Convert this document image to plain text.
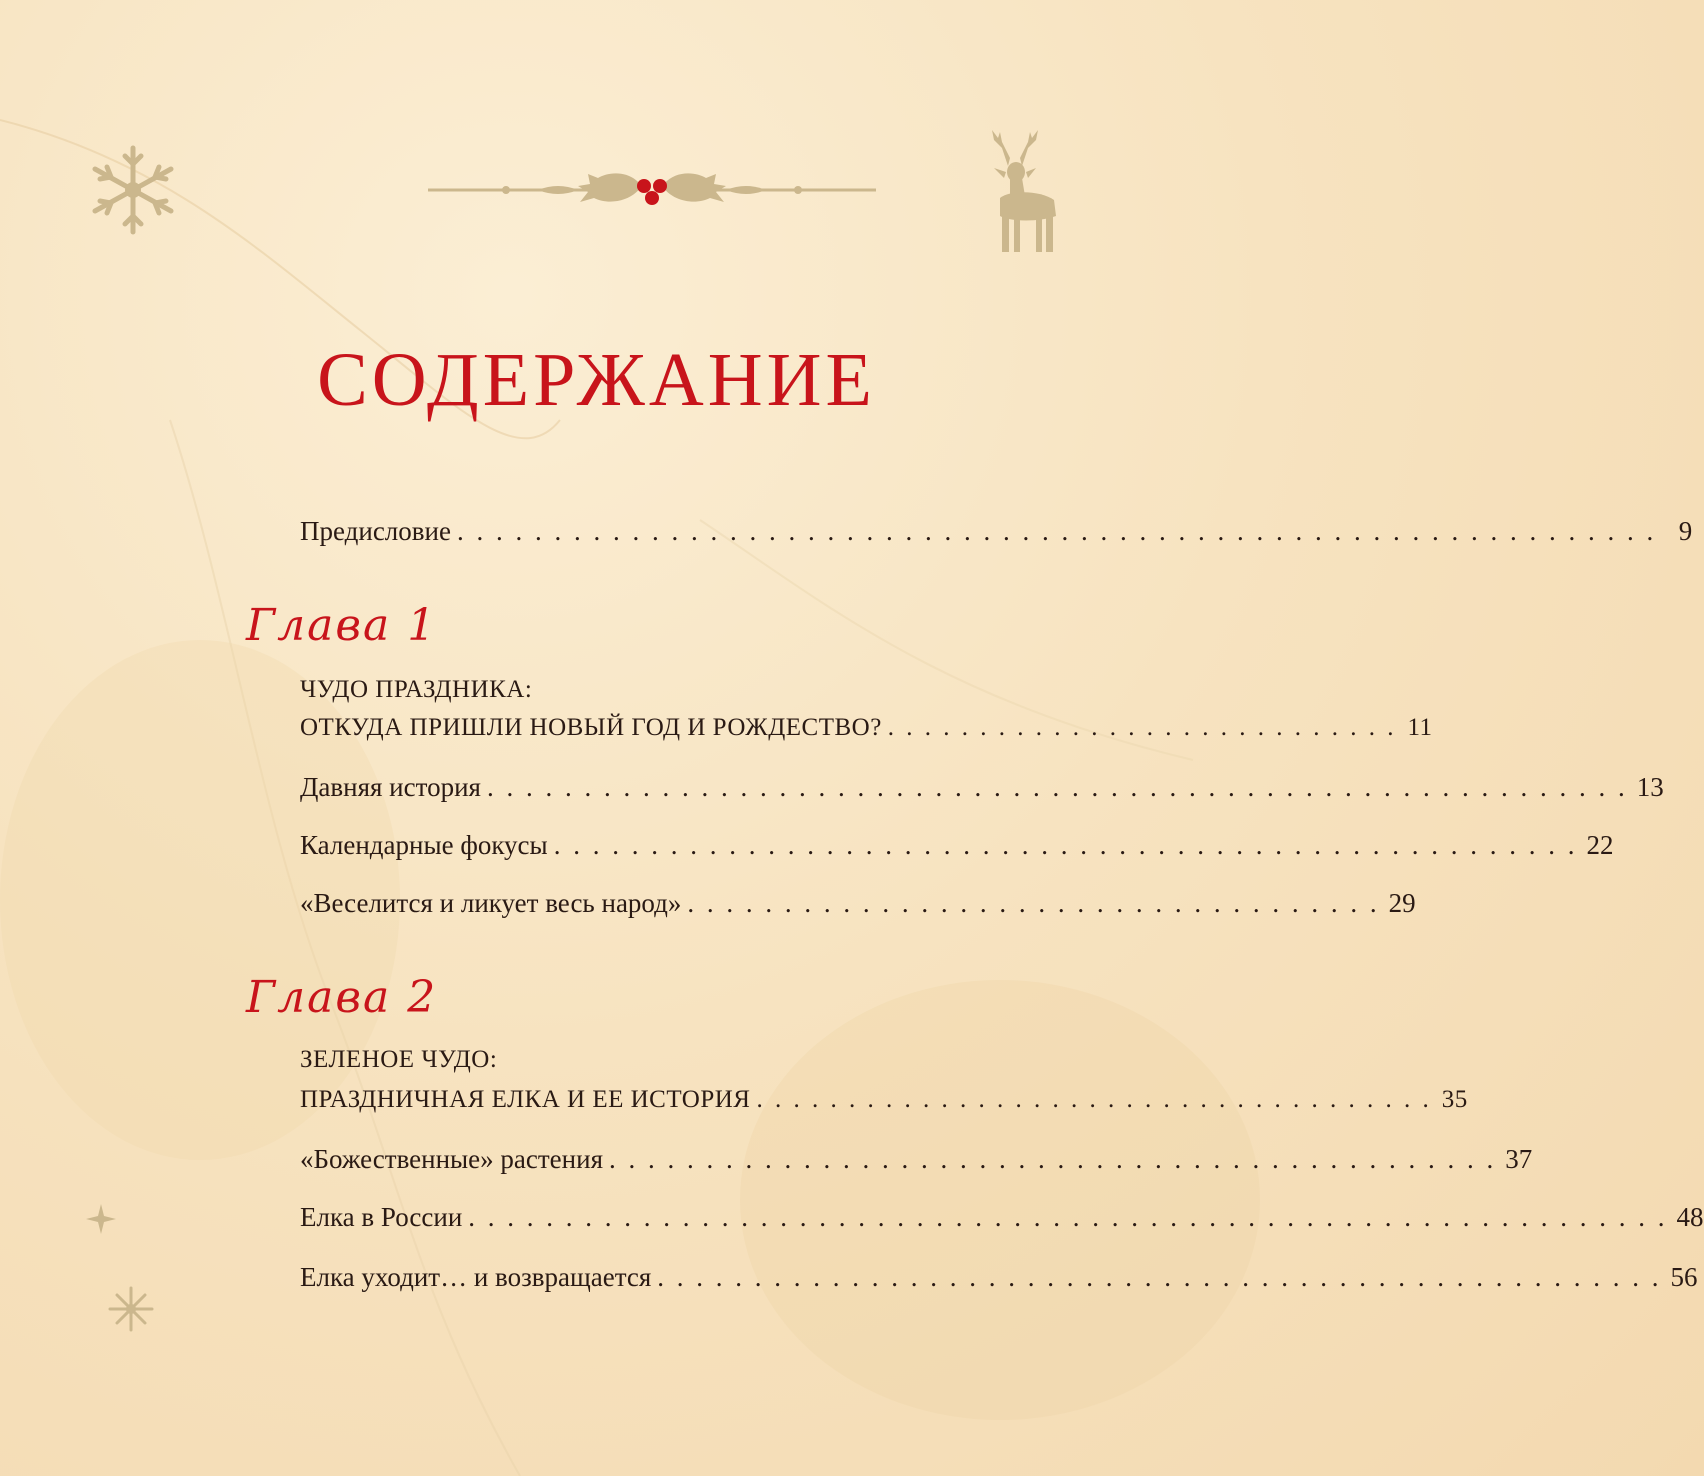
СОДЕРЖАНИЕ
Предисловие . . . . . . . . . . . . . . . . . . . . . . . . . . . . . . . . . . . . . . . . . . . . . . . . . . . . . . . . . . . . . . 9
Глава 1
ЧУДО ПРАЗДНИКА:
ОТКУДА ПРИШЛИ НОВЫЙ ГОД И РОЖДЕСТВО? . . . . . . . . . . . . . . . . . . . . . . . . . . . . 11
Давняя история . . . . . . . . . . . . . . . . . . . . . . . . . . . . . . . . . . . . . . . . . . . . . . . . . . . . . . . . . . . 13
Календарные фокусы . . . . . . . . . . . . . . . . . . . . . . . . . . . . . . . . . . . . . . . . . . . . . . . . . . . . . 22
«Веселится и ликует весь народ» . . . . . . . . . . . . . . . . . . . . . . . . . . . . . . . . . . . . 29
Глава 2
ЗЕЛЕНОЕ ЧУДО:
ПРАЗДНИЧНАЯ ЕЛКА И ЕЕ ИСТОРИЯ . . . . . . . . . . . . . . . . . . . . . . . . . . . . . . . . . . . . . 35
«Божественные» растения . . . . . . . . . . . . . . . . . . . . . . . . . . . . . . . . . . . . . . . . . . . . . . 37
Елка в России . . . . . . . . . . . . . . . . . . . . . . . . . . . . . . . . . . . . . . . . . . . . . . . . . . . . . . . . . . . . . . 48
Елка уходит… и возвращается . . . . . . . . . . . . . . . . . . . . . . . . . . . . . . . . . . . . . . . . . . . . . . . . . . . . 56
